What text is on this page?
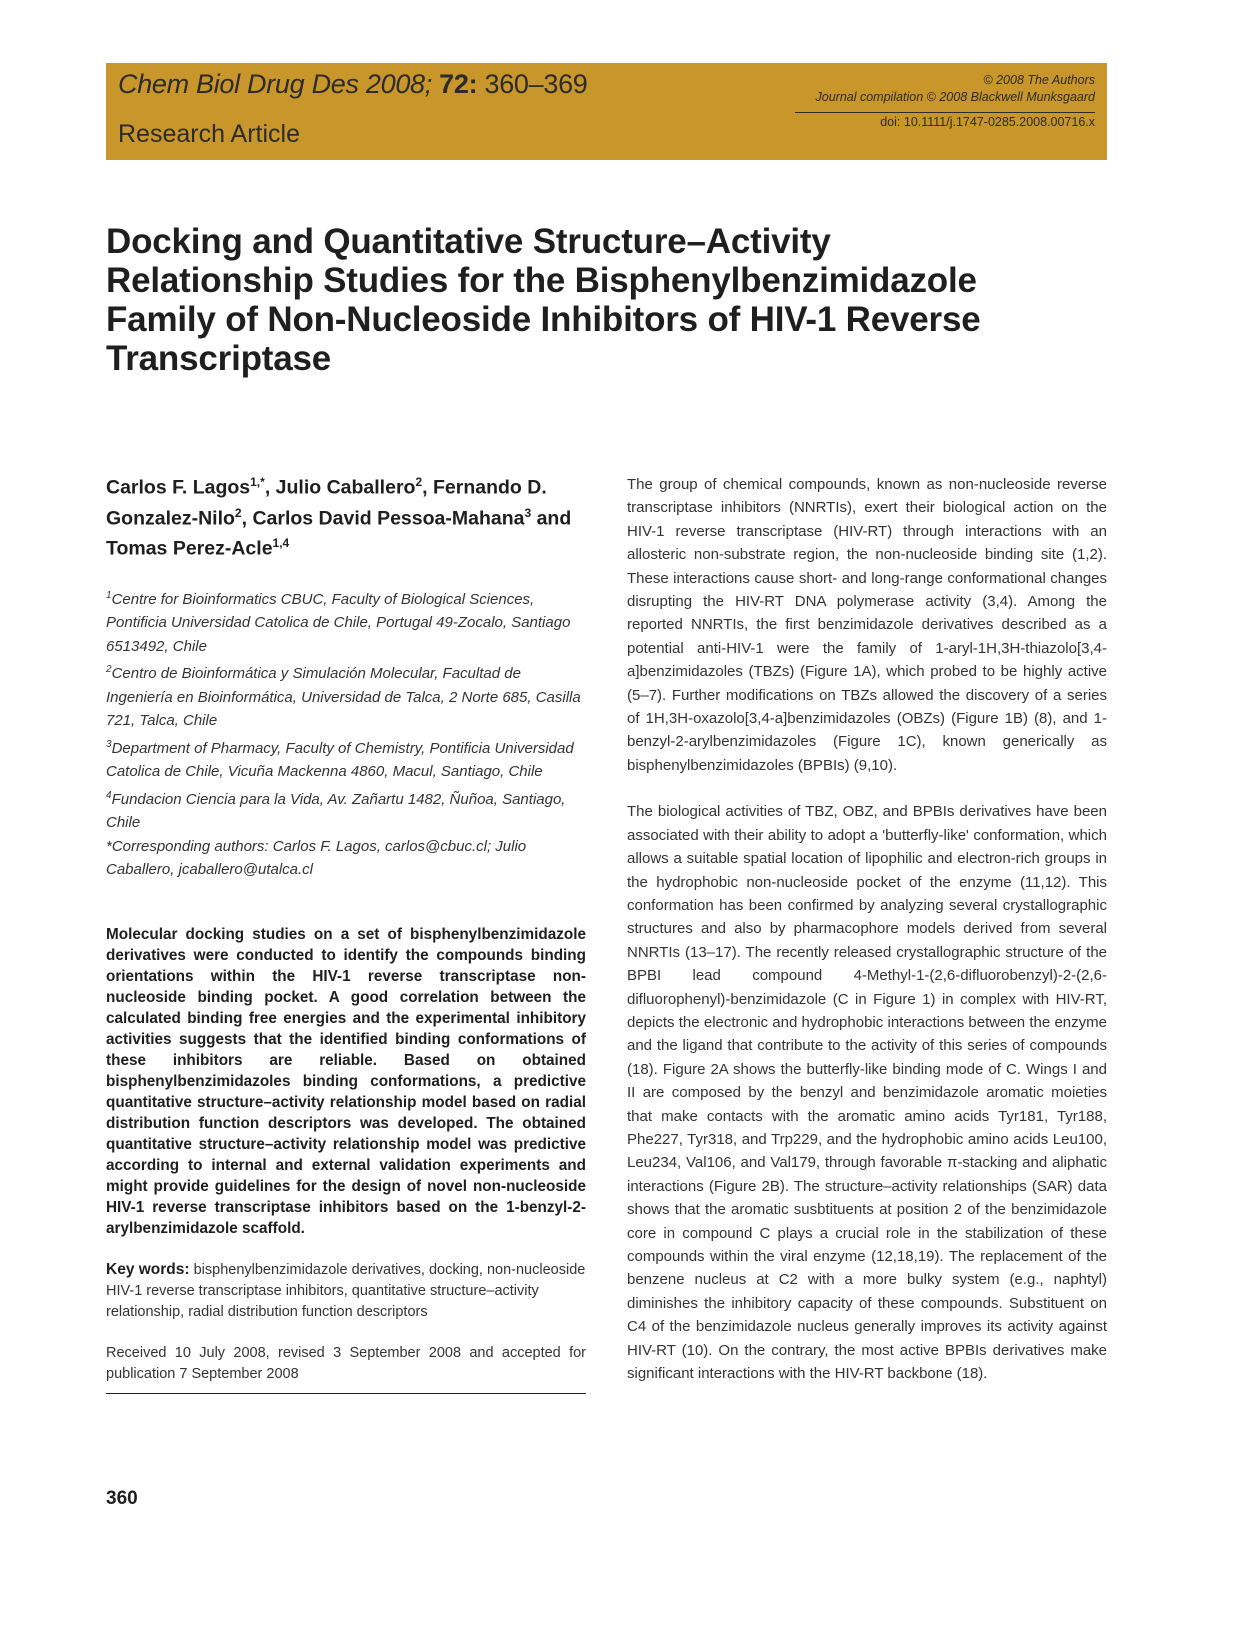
Chem Biol Drug Des 2008; 72: 360–369
Research Article
© 2008 The Authors
Journal compilation © 2008 Blackwell Munksgaard
doi: 10.1111/j.1747-0285.2008.00716.x
Docking and Quantitative Structure–Activity Relationship Studies for the Bisphenylbenzimidazole Family of Non-Nucleoside Inhibitors of HIV-1 Reverse Transcriptase

Carlos F. Lagos$^{1,*}$, Julio Caballero$^2$, Fernando D. Gonzalez-Nilo$^2$, Carlos David Pessoa-Mahana$^3$ and Tomas Perez-Acle$^{1,4}$

$^1$Centre for Bioinformatics CBUC, Faculty of Biological Sciences, Pontificia Universidad Catolica de Chile, Portugal 49-Zocalo, Santiago 6513492, Chile
$^2$Centro de Bioinformática y Simulación Molecular, Facultad de Ingeniería en Bioinformática, Universidad de Talca, 2 Norte 685, Casilla 721, Talca, Chile
$^3$Department of Pharmacy, Faculty of Chemistry, Pontificia Universidad Catolica de Chile, Vicuña Mackenna 4860, Macul, Santiago, Chile
$^4$Fundacion Ciencia para la Vida, Av. Zañartu 1482, Ñuñoa, Santiago, Chile
*Corresponding authors: Carlos F. Lagos, carlos@cbuc.cl; Julio Caballero, jcaballero@utalca.cl
Molecular docking studies on a set of bisphenylbenzimidazole derivatives were conducted to identify the compounds binding orientations within the HIV-1 reverse transcriptase non-nucleoside binding pocket. A good correlation between the calculated binding free energies and the experimental inhibitory activities suggests that the identified binding conformations of these inhibitors are reliable. Based on obtained bisphenylbenzimidazoles binding conformations, a predictive quantitative structure–activity relationship model based on radial distribution function descriptors was developed. The obtained quantitative structure–activity relationship model was predictive according to internal and external validation experiments and might provide guidelines for the design of novel non-nucleoside HIV-1 reverse transcriptase inhibitors based on the 1-benzyl-2-arylbenzimidazole scaffold.
Key words: bisphenylbenzimidazole derivatives, docking, non-nucleoside HIV-1 reverse transcriptase inhibitors, quantitative structure–activity relationship, radial distribution function descriptors
Received 10 July 2008, revised 3 September 2008 and accepted for publication 7 September 2008
360

The group of chemical compounds, known as non-nucleoside reverse transcriptase inhibitors (NNRTIs), exert their biological action on the HIV-1 reverse transcriptase (HIV-RT) through interactions with an allosteric non-substrate region, the non-nucleoside binding site (1,2). These interactions cause short- and long-range conformational changes disrupting the HIV-RT DNA polymerase activity (3,4). Among the reported NNRTIs, the first benzimidazole derivatives described as a potential anti-HIV-1 were the family of 1-aryl-1H,3H-thiazolo[3,4-a]benzimidazoles (TBZs) (Figure 1A), which probed to be highly active (5–7). Further modifications on TBZs allowed the discovery of a series of 1H,3H-oxazolo[3,4-a]benzimidazoles (OBZs) (Figure 1B) (8), and 1-benzyl-2-arylbenzimidazoles (Figure 1C), known generically as bisphenylbenzimidazoles (BPBIs) (9,10).

The biological activities of TBZ, OBZ, and BPBIs derivatives have been associated with their ability to adopt a 'butterfly-like' conformation, which allows a suitable spatial location of lipophilic and electron-rich groups in the hydrophobic non-nucleoside pocket of the enzyme (11,12). This conformation has been confirmed by analyzing several crystallographic structures and also by pharmacophore models derived from several NNRTIs (13–17). The recently released crystallographic structure of the BPBI lead compound 4-Methyl-1-(2,6-difluorobenzyl)-2-(2,6-difluorophenyl)-benzimidazole (C in Figure 1) in complex with HIV-RT, depicts the electronic and hydrophobic interactions between the enzyme and the ligand that contribute to the activity of this series of compounds (18). Figure 2A shows the butterfly-like binding mode of C. Wings I and II are composed by the benzyl and benzimidazole aromatic moieties that make contacts with the aromatic amino acids Tyr181, Tyr188, Phe227, Tyr318, and Trp229, and the hydrophobic amino acids Leu100, Leu234, Val106, and Val179, through favorable π-stacking and aliphatic interactions (Figure 2B). The structure–activity relationships (SAR) data shows that the aromatic susbtituents at position 2 of the benzimidazole core in compound C plays a crucial role in the stabilization of these compounds within the viral enzyme (12,18,19). The replacement of the benzene nucleus at C2 with a more bulky system (e.g., naphtyl) diminishes the inhibitory capacity of these compounds. Substituent on C4 of the benzimidazole nucleus generally improves its activity against HIV-RT (10). On the contrary, the most active BPBIs derivatives make significant interactions with the HIV-RT backbone (18).
